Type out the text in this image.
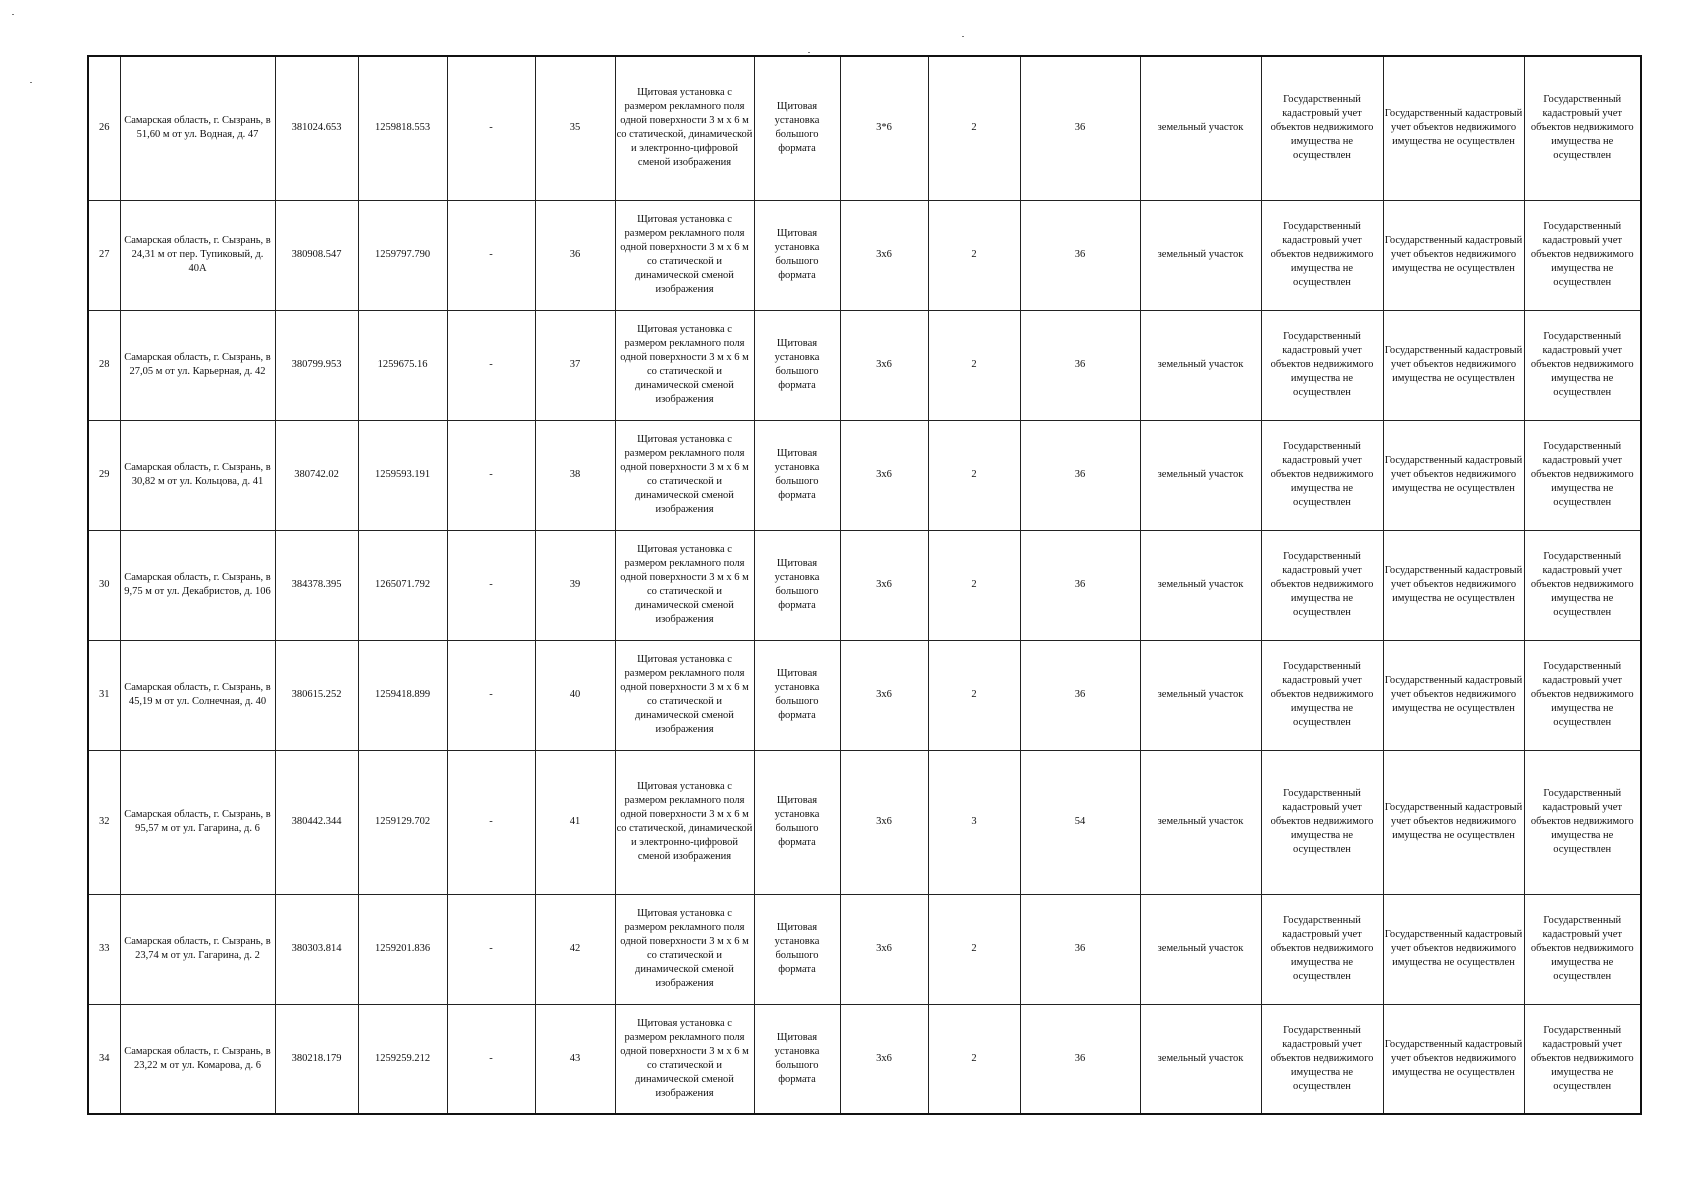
26	Самарская область, г. Сызрань, в 51,60 м от ул. Водная, д. 47	381024.653	1259818.553	-	35	Щитовая установка с размером рекламного поля одной поверхности 3 м х 6 м со статической, динамической и электронно-цифровой сменой изображения	Щитовая установка большого формата	3*6	2	36	земельный участок	Государственный кадастровый учет объектов недвижимого имущества не осуществлен	Государственный кадастровый учет объектов недвижимого имущества не осуществлен	Государственный кадастровый учет объектов недвижимого имущества не осуществлен
27	Самарская область, г. Сызрань, в 24,31 м от пер. Тупиковый, д. 40А	380908.547	1259797.790	-	36	Щитовая установка с размером рекламного поля одной поверхности 3 м х 6 м со статической и динамической сменой изображения	Щитовая установка большого формата	3х6	2	36	земельный участок	Государственный кадастровый учет объектов недвижимого имущества не осуществлен	Государственный кадастровый учет объектов недвижимого имущества не осуществлен	Государственный кадастровый учет объектов недвижимого имущества не осуществлен
28	Самарская область, г. Сызрань, в 27,05 м от ул. Карьерная, д. 42	380799.953	1259675.16	-	37	Щитовая установка с размером рекламного поля одной поверхности 3 м х 6 м со статической и динамической сменой изображения	Щитовая установка большого формата	3х6	2	36	земельный участок	Государственный кадастровый учет объектов недвижимого имущества не осуществлен	Государственный кадастровый учет объектов недвижимого имущества не осуществлен	Государственный кадастровый учет объектов недвижимого имущества не осуществлен
29	Самарская область, г. Сызрань, в 30,82 м от ул. Кольцова, д. 41	380742.02	1259593.191	-	38	Щитовая установка с размером рекламного поля одной поверхности 3 м х 6 м со статической и динамической сменой изображения	Щитовая установка большого формата	3х6	2	36	земельный участок	Государственный кадастровый учет объектов недвижимого имущества не осуществлен	Государственный кадастровый учет объектов недвижимого имущества не осуществлен	Государственный кадастровый учет объектов недвижимого имущества не осуществлен
30	Самарская область, г. Сызрань, в 9,75 м от ул. Декабристов, д. 106	384378.395	1265071.792	-	39	Щитовая установка с размером рекламного поля одной поверхности 3 м х 6 м со статической и динамической сменой изображения	Щитовая установка большого формата	3х6	2	36	земельный участок	Государственный кадастровый учет объектов недвижимого имущества не осуществлен	Государственный кадастровый учет объектов недвижимого имущества не осуществлен	Государственный кадастровый учет объектов недвижимого имущества не осуществлен
31	Самарская область, г. Сызрань, в 45,19 м от ул. Солнечная, д. 40	380615.252	1259418.899	-	40	Щитовая установка с размером рекламного поля одной поверхности 3 м х 6 м со статической и динамической сменой изображения	Щитовая установка большого формата	3х6	2	36	земельный участок	Государственный кадастровый учет объектов недвижимого имущества не осуществлен	Государственный кадастровый учет объектов недвижимого имущества не осуществлен	Государственный кадастровый учет объектов недвижимого имущества не осуществлен
32	Самарская область, г. Сызрань, в 95,57 м от ул. Гагарина, д. 6	380442.344	1259129.702	-	41	Щитовая установка с размером рекламного поля одной поверхности 3 м х 6 м со статической, динамической и электронно-цифровой сменой изображения	Щитовая установка большого формата	3х6	3	54	земельный участок	Государственный кадастровый учет объектов недвижимого имущества не осуществлен	Государственный кадастровый учет объектов недвижимого имущества не осуществлен	Государственный кадастровый учет объектов недвижимого имущества не осуществлен
33	Самарская область, г. Сызрань, в 23,74 м от ул. Гагарина, д. 2	380303.814	1259201.836	-	42	Щитовая установка с размером рекламного поля одной поверхности 3 м х 6 м со статической и динамической сменой изображения	Щитовая установка большого формата	3х6	2	36	земельный участок	Государственный кадастровый учет объектов недвижимого имущества не осуществлен	Государственный кадастровый учет объектов недвижимого имущества не осуществлен	Государственный кадастровый учет объектов недвижимого имущества не осуществлен
34	Самарская область, г. Сызрань, в 23,22 м от ул. Комарова, д. 6	380218.179	1259259.212	-	43	Щитовая установка с размером рекламного поля одной поверхности 3 м х 6 м со статической и динамической сменой изображения	Щитовая установка большого формата	3х6	2	36	земельный участок	Государственный кадастровый учет объектов недвижимого имущества не осуществлен	Государственный кадастровый учет объектов недвижимого имущества не осуществлен	Государственный кадастровый учет объектов недвижимого имущества не осуществлен
